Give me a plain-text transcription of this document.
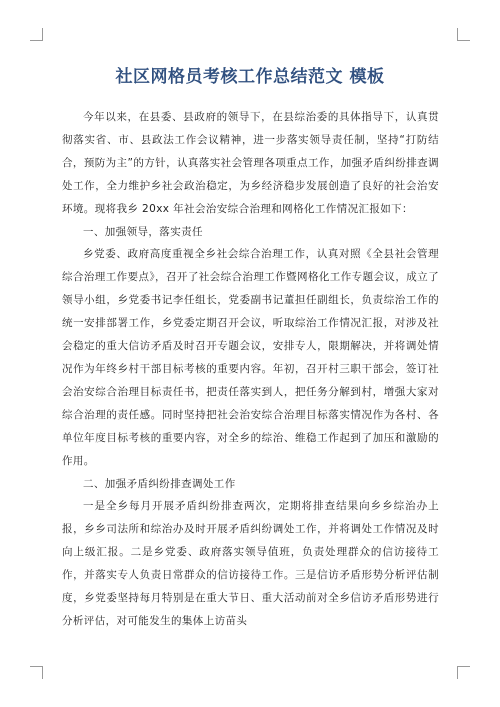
社区网格员考核工作总结范文 模板

今年以来，在县委、县政府的领导下，在县综治委的具体指导下，认真贯彻落实省、市、县政法工作会议精神，进一步落实领导责任制，坚持“打防结合，预防为主”的方针，认真落实社会管理各项重点工作，加强矛盾纠纷排查调处工作，全力维护乡社会政治稳定，为乡经济稳步发展创造了良好的社会治安环境。现将我乡 20xx 年社会治安综合治理和网格化工作情况汇报如下：

一、加强领导，落实责任

乡党委、政府高度重视全乡社会综合治理工作，认真对照《全县社会管理综合治理工作要点》，召开了社会综合治理工作暨网格化工作专题会议，成立了领导小组，乡党委书记李任组长，党委副书记董担任副组长，负责综治工作的统一安排部署工作，乡党委定期召开会议，听取综治工作情况汇报，对涉及社会稳定的重大信访矛盾及时召开专题会议，安排专人，限期解决，并将调处情况作为年终乡村干部目标考核的重要内容。年初，召开村三职干部会，签订社会治安综合治理目标责任书，把责任落实到人，把任务分解到村，增强大家对综合治理的责任感。同时坚持把社会治安综合治理目标落实情况作为各村、各单位年度目标考核的重要内容，对全乡的综治、维稳工作起到了加压和激励的作用。

二、加强矛盾纠纷排查调处工作

一是全乡每月开展矛盾纠纷排查两次，定期将排查结果向乡乡综治办上报，乡乡司法所和综治办及时开展矛盾纠纷调处工作，并将调处工作情况及时向上级汇报。二是乡党委、政府落实领导值班，负责处理群众的信访接待工作，并落实专人负责日常群众的信访接待工作。三是信访矛盾形势分析评估制度，乡党委坚持每月特别是在重大节日、重大活动前对全乡信访矛盾形势进行分析评估，对可能发生的集体上访苗头
